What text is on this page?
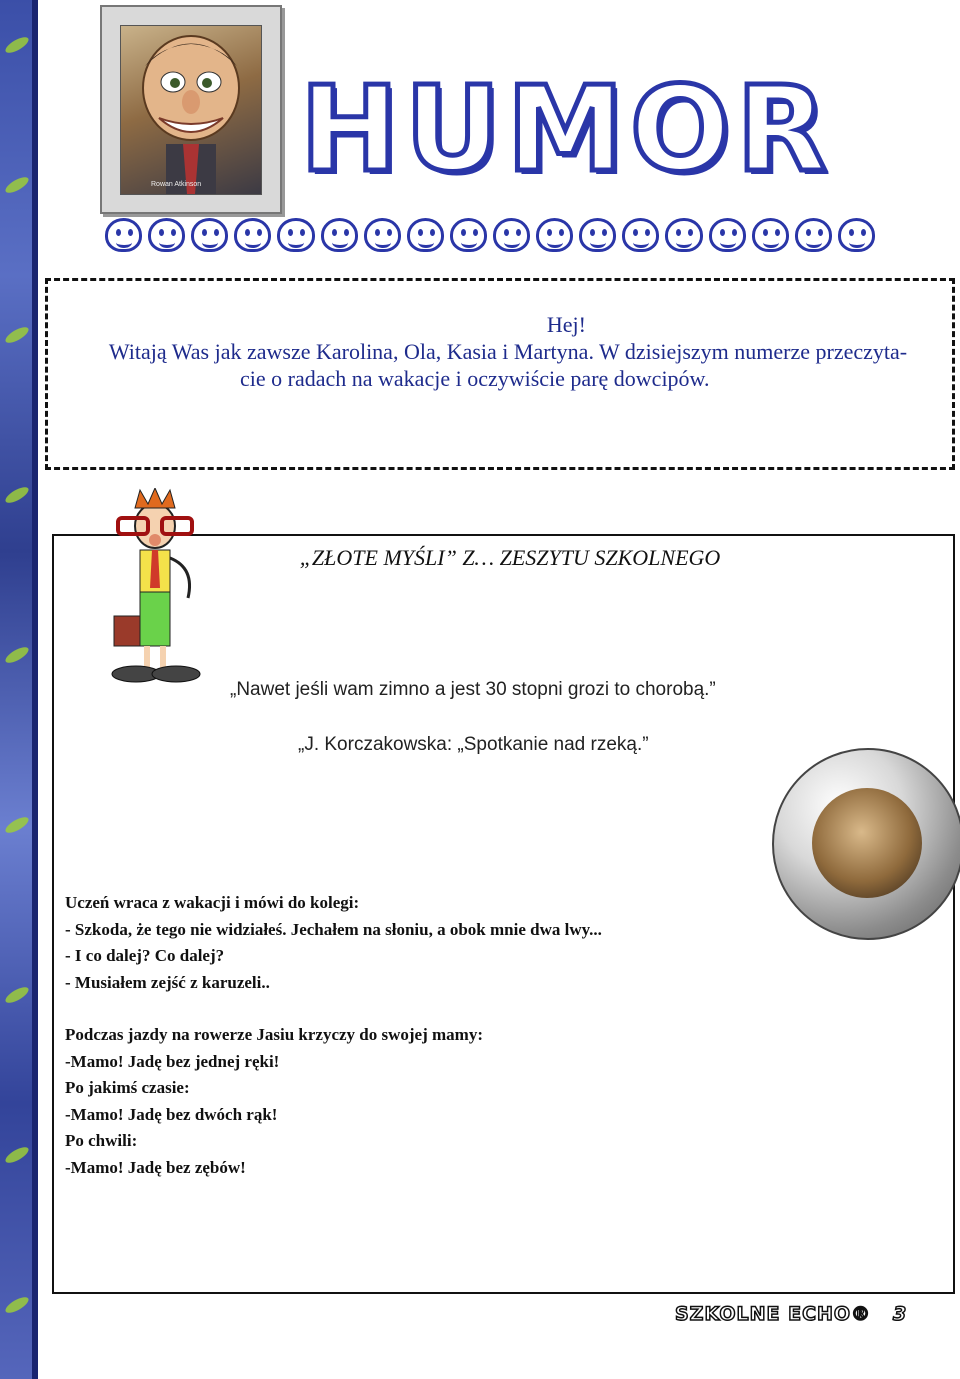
Rowan Atkinson HUMOR

Hej!
Witają Was jak zawsze Karolina, Ola, Kasia i Martyna. W dzisiejszym numerze przeczyta-
cie o radach na wakacje i oczywiście parę dowcipów.

„ZŁOTE MYŚLI” Z… ZESZYTU SZKOLNEGO
„Nawet jeśli wam zimno a jest 30 stopni grozi to chorobą.”
„J. Korczakowska: „Spotkanie nad rzeką.”
Uczeń wraca z wakacji i mówi do kolegi:
- Szkoda, że tego nie widziałeś. Jechałem na słoniu, a obok mnie dwa lwy...
- I co dalej? Co dalej?
- Musiałem zejść z karuzeli..
Podczas jazdy na rowerze Jasiu krzyczy do swojej mamy:
-Mamo! Jadę bez jednej ręki!
Po jakimś czasie:
-Mamo! Jadę bez dwóch rąk!
Po chwili:
-Mamo! Jadę bez zębów!
SZKOLNE ECHO® 3
